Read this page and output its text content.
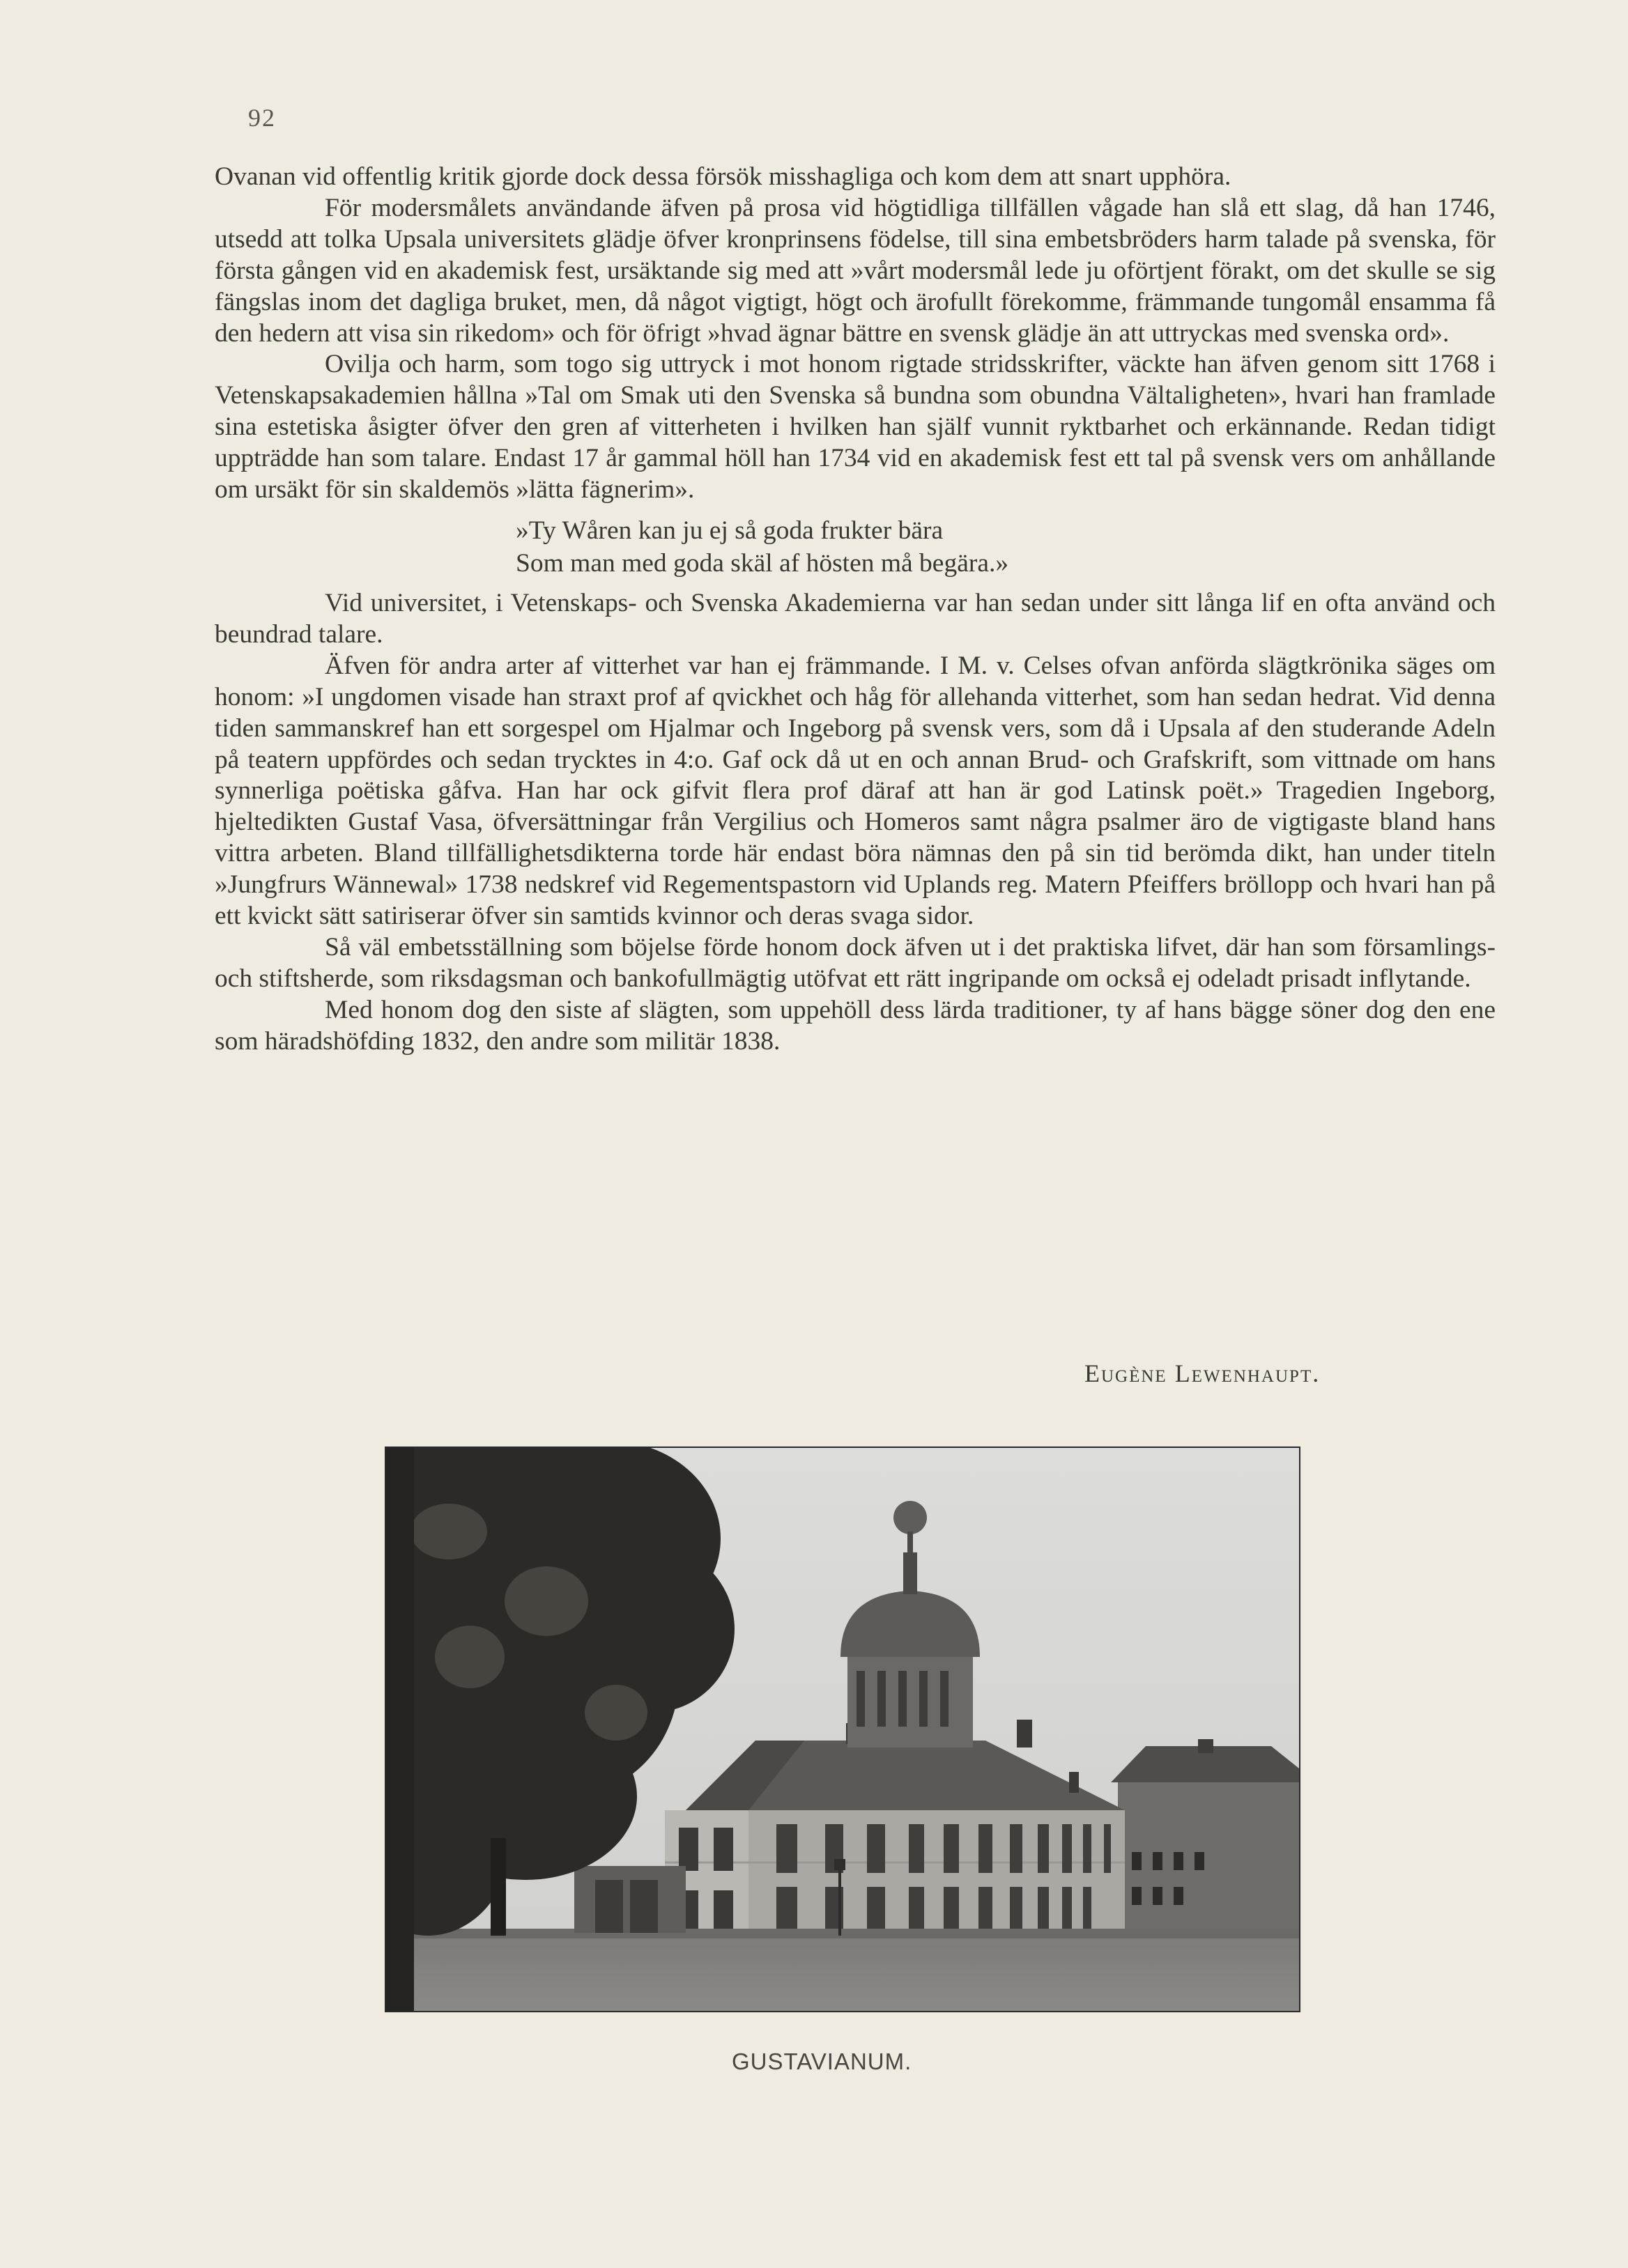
92

Ovanan vid offentlig kritik gjorde dock dessa försök misshagliga och kom dem att snart upphöra.

För modersmålets användande äfven på prosa vid högtidliga tillfällen vågade han slå ett slag, då han 1746, utsedd att tolka Upsala universitets glädje öfver kronprinsens födelse, till sina embetsbröders harm talade på svenska, för första gången vid en akademisk fest, ursäktande sig med att »vårt modersmål lede ju oförtjent förakt, om det skulle se sig fängslas inom det dagliga bruket, men, då något vigtigt, högt och ärofullt förekomme, främmande tungomål ensamma få den hedern att visa sin rikedom» och för öfrigt »hvad ägnar bättre en svensk glädje än att uttryckas med svenska ord».

Ovilja och harm, som togo sig uttryck i mot honom rigtade stridsskrifter, väckte han äfven genom sitt 1768 i Vetenskapsakademien hållna »Tal om Smak uti den Svenska så bundna som obundna Vältaligheten», hvari han framlade sina estetiska åsigter öfver den gren af vitterheten i hvilken han själf vunnit ryktbarhet och erkännande. Redan tidigt uppträdde han som talare. Endast 17 år gammal höll han 1734 vid en akademisk fest ett tal på svensk vers om anhållande om ursäkt för sin skaldemös »lätta fägnerim».

»Ty Wåren kan ju ej så goda frukter bära
Som man med goda skäl af hösten må begära.»

Vid universitet, i Vetenskaps- och Svenska Akademierna var han sedan under sitt långa lif en ofta använd och beundrad talare.

Äfven för andra arter af vitterhet var han ej främmande. I M. v. Celses ofvan anförda slägtkrönika säges om honom: »I ungdomen visade han straxt prof af qvickhet och håg för allehanda vitterhet, som han sedan hedrat. Vid denna tiden sammanskref han ett sorgespel om Hjalmar och Ingeborg på svensk vers, som då i Upsala af den studerande Adeln på teatern uppfördes och sedan trycktes in 4:o. Gaf ock då ut en och annan Brud- och Grafskrift, som vittnade om hans synnerliga poëtiska gåfva. Han har ock gifvit flera prof däraf att han är god Latinsk poët.» Tragedien Ingeborg, hjeltedikten Gustaf Vasa, öfversättningar från Vergilius och Homeros samt några psalmer äro de vigtigaste bland hans vittra arbeten. Bland tillfällighetsdikterna torde här endast böra nämnas den på sin tid berömda dikt, han under titeln »Jungfrurs Wännewal» 1738 nedskref vid Regementspastorn vid Uplands reg. Matern Pfeiffers bröllopp och hvari han på ett kvickt sätt satiriserar öfver sin samtids kvinnor och deras svaga sidor.

Så väl embetsställning som böjelse förde honom dock äfven ut i det praktiska lifvet, där han som församlings- och stiftsherde, som riksdagsman och bankofullmägtig utöfvat ett rätt ingripande om också ej odeladt prisadt inflytande.

Med honom dog den siste af slägten, som uppehöll dess lärda traditioner, ty af hans bägge söner dog den ene som häradshöfding 1832, den andre som militär 1838.

Eugène Lewenhaupt.
GUSTAVIANUM.
